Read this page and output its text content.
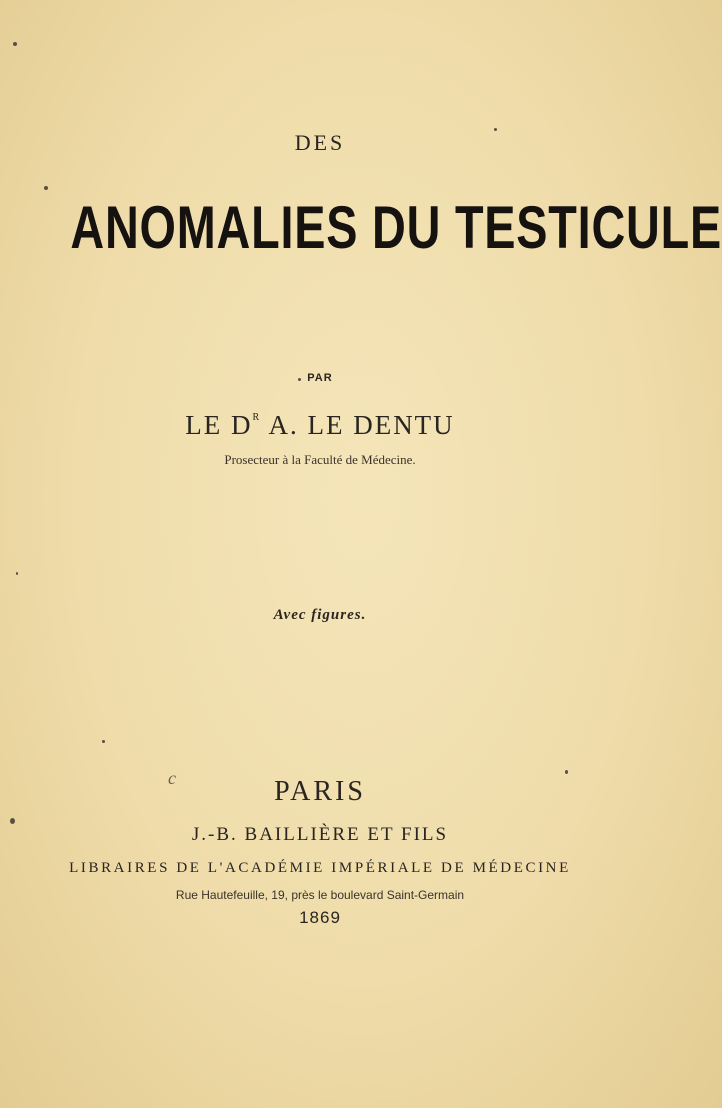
DES
ANOMALIES DU TESTICULE
PAR
LE $D^R$ A. LE DENTU
Prosecteur à la Faculté de Médecine.
Avec figures.
c	PARIS
J.-B. BAILLIÈRE ET FILS
LIBRAIRES DE L'ACADÉMIE IMPÉRIALE DE MÉDECINE
Rue Hautefeuille, 19, près le boulevard Saint-Germain
1869
